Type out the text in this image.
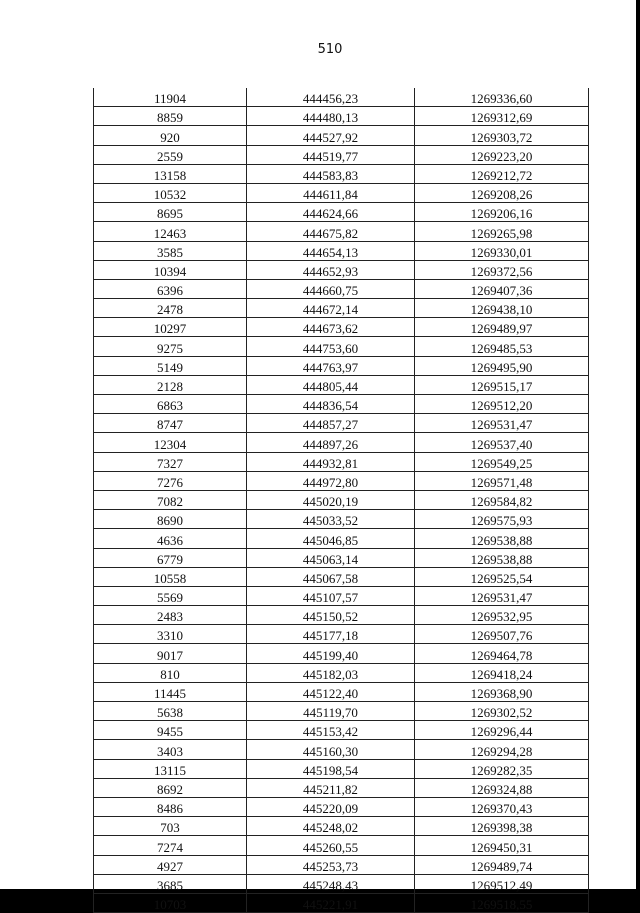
510
11904	444456,23	1269336,60
8859	444480,13	1269312,69
920	444527,92	1269303,72
2559	444519,77	1269223,20
13158	444583,83	1269212,72
10532	444611,84	1269208,26
8695	444624,66	1269206,16
12463	444675,82	1269265,98
3585	444654,13	1269330,01
10394	444652,93	1269372,56
6396	444660,75	1269407,36
2478	444672,14	1269438,10
10297	444673,62	1269489,97
9275	444753,60	1269485,53
5149	444763,97	1269495,90
2128	444805,44	1269515,17
6863	444836,54	1269512,20
8747	444857,27	1269531,47
12304	444897,26	1269537,40
7327	444932,81	1269549,25
7276	444972,80	1269571,48
7082	445020,19	1269584,82
8690	445033,52	1269575,93
4636	445046,85	1269538,88
6779	445063,14	1269538,88
10558	445067,58	1269525,54
5569	445107,57	1269531,47
2483	445150,52	1269532,95
3310	445177,18	1269507,76
9017	445199,40	1269464,78
810	445182,03	1269418,24
11445	445122,40	1269368,90
5638	445119,70	1269302,52
9455	445153,42	1269296,44
3403	445160,30	1269294,28
13115	445198,54	1269282,35
8692	445211,82	1269324,88
8486	445220,09	1269370,43
703	445248,02	1269398,38
7274	445260,55	1269450,31
4927	445253,73	1269489,74
3685	445248,43	1269512,49
10703	445221,91	1269518,55
